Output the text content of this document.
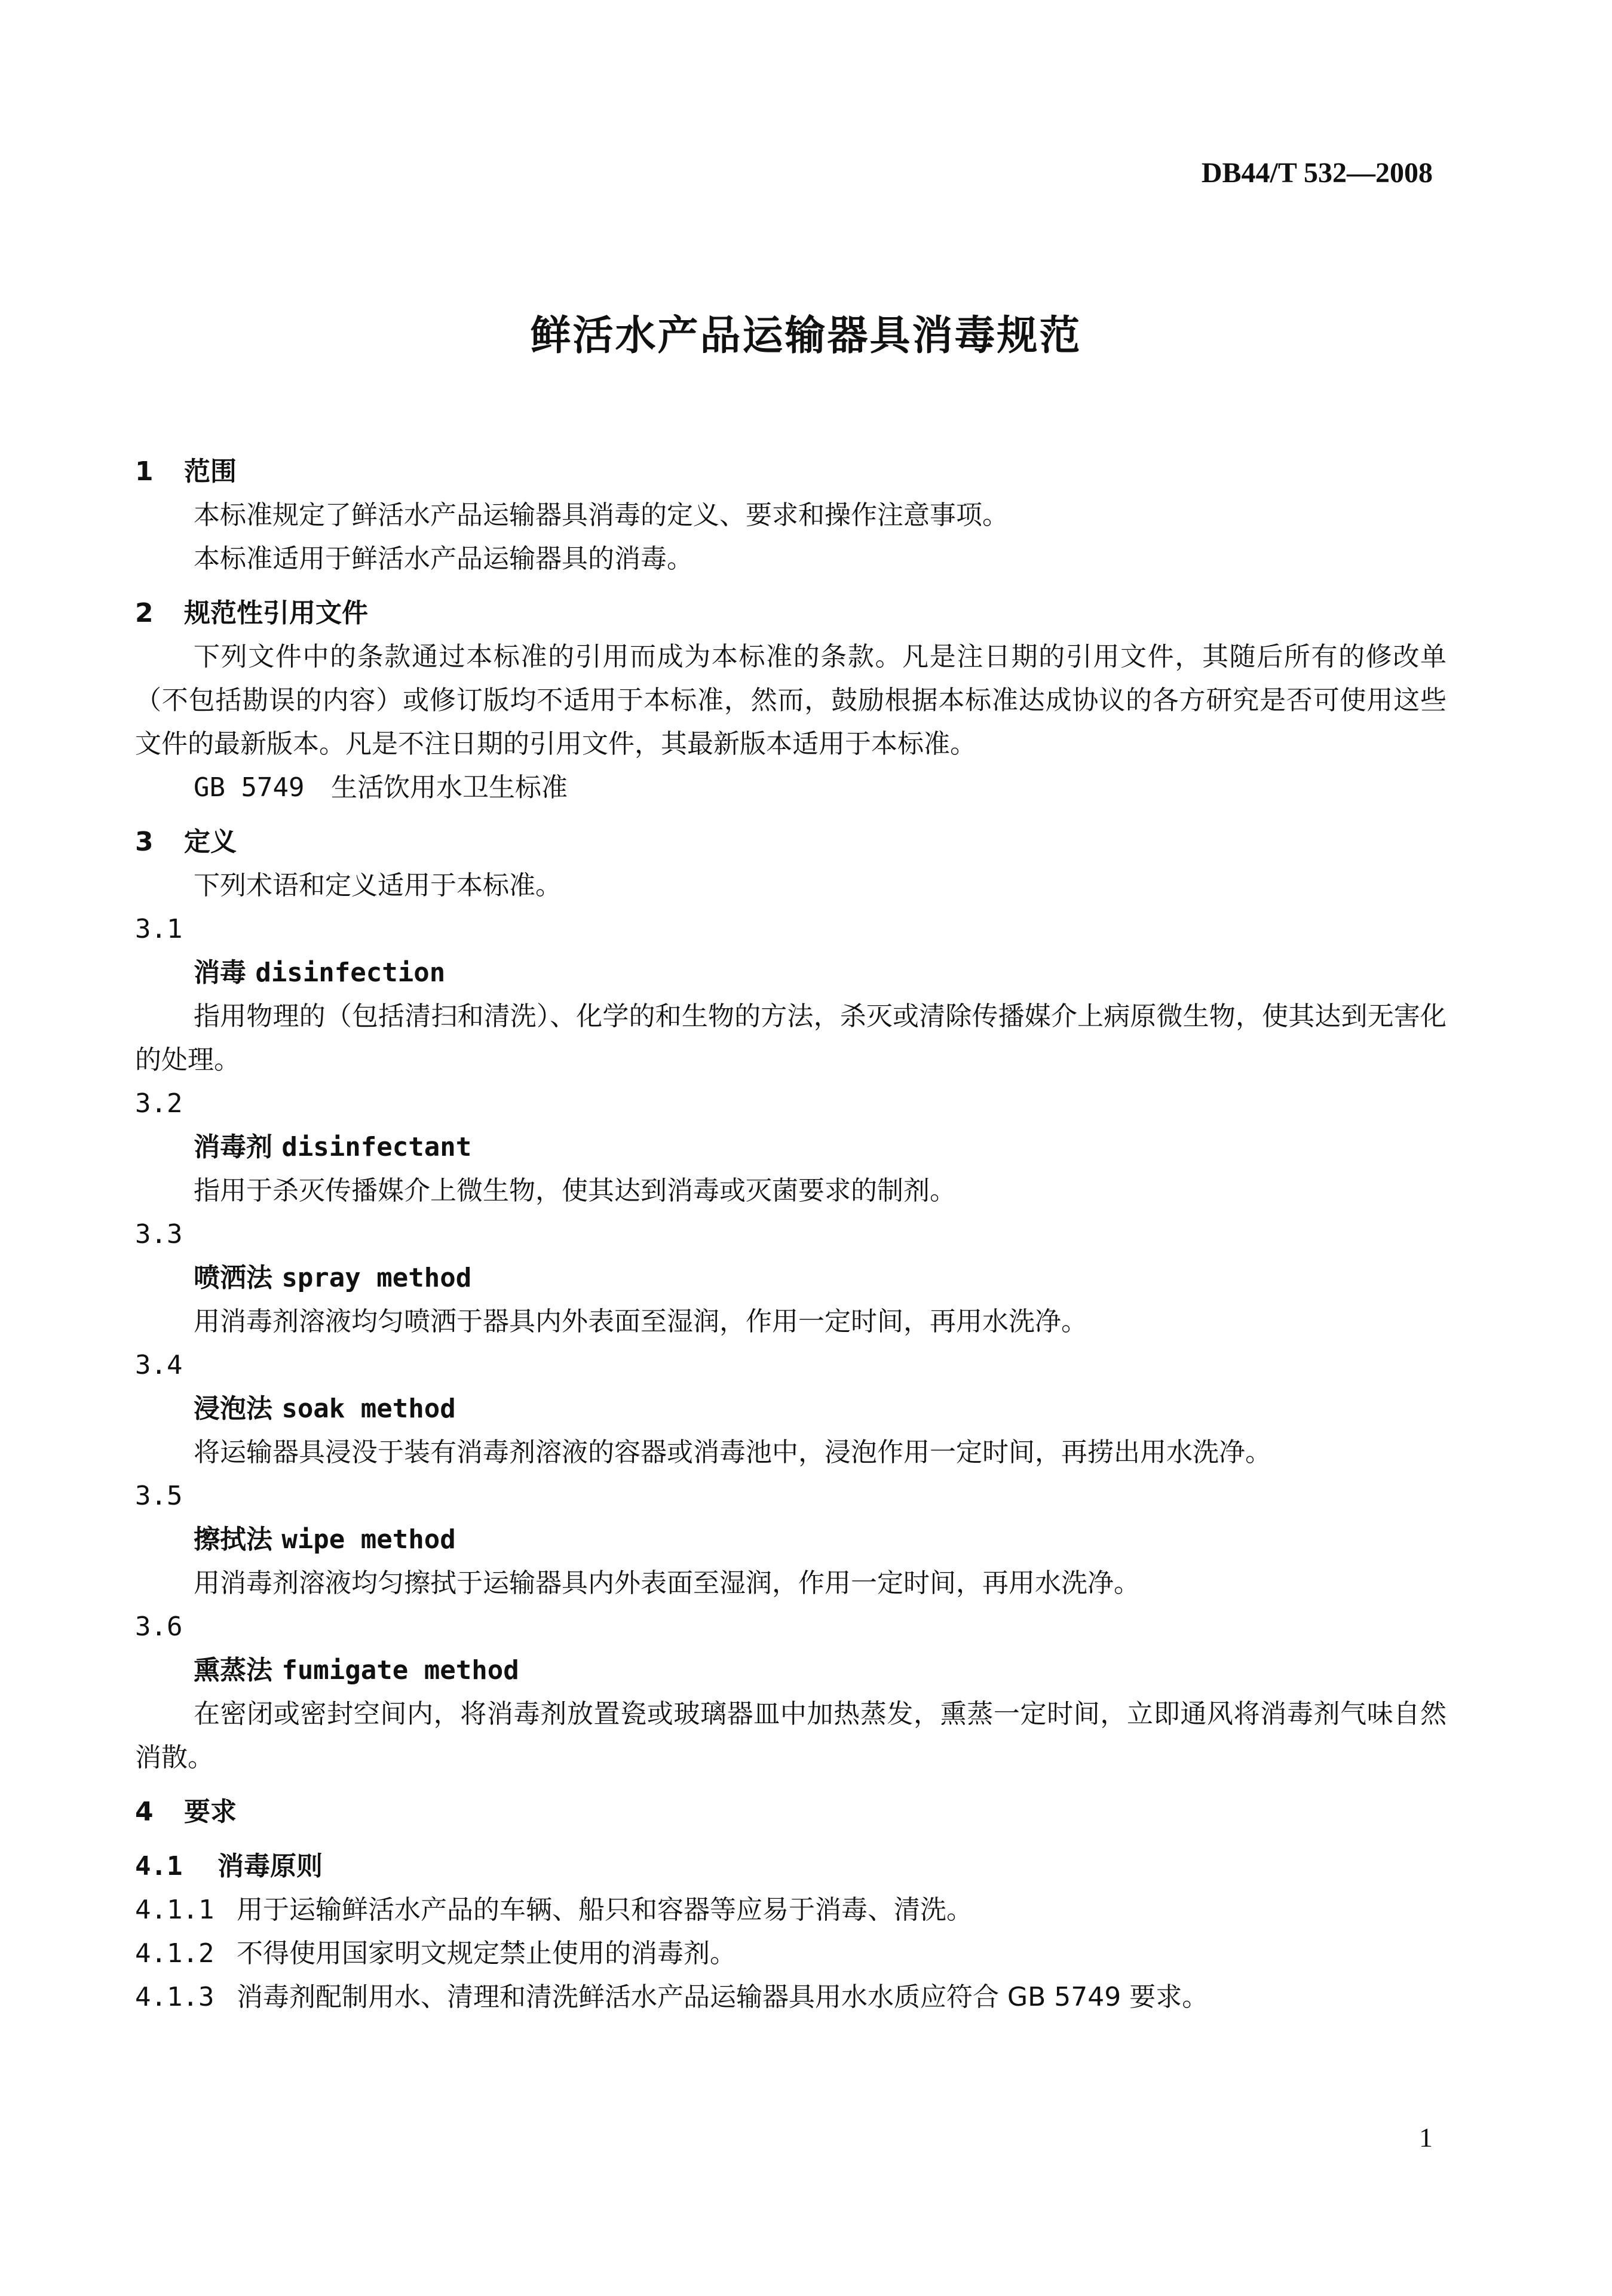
DB44/T 532—2008
鲜活水产品运输器具消毒规范
1 范围
本标准规定了鲜活水产品运输器具消毒的定义、要求和操作注意事项。
本标准适用于鲜活水产品运输器具的消毒。
2 规范性引用文件
下列文件中的条款通过本标准的引用而成为本标准的条款。凡是注日期的引用文件，其随后所有的修改单（不包括勘误的内容）或修订版均不适用于本标准，然而，鼓励根据本标准达成协议的各方研究是否可使用这些文件的最新版本。凡是不注日期的引用文件，其最新版本适用于本标准。
GB 5749 生活饮用水卫生标准
3 定义
下列术语和定义适用于本标准。
3.1
消毒 disinfection
指用物理的（包括清扫和清洗）、化学的和生物的方法，杀灭或清除传播媒介上病原微生物，使其达到无害化的处理。
3.2
消毒剂 disinfectant
指用于杀灭传播媒介上微生物，使其达到消毒或灭菌要求的制剂。
3.3
喷洒法 spray method
用消毒剂溶液均匀喷洒于器具内外表面至湿润，作用一定时间，再用水洗净。
3.4
浸泡法 soak method
将运输器具浸没于装有消毒剂溶液的容器或消毒池中，浸泡作用一定时间，再捞出用水洗净。
3.5
擦拭法 wipe method
用消毒剂溶液均匀擦拭于运输器具内外表面至湿润，作用一定时间，再用水洗净。
3.6
熏蒸法 fumigate method
在密闭或密封空间内，将消毒剂放置瓷或玻璃器皿中加热蒸发，熏蒸一定时间，立即通风将消毒剂气味自然消散。
4 要求
4.1 消毒原则
4.1.1 用于运输鲜活水产品的车辆、船只和容器等应易于消毒、清洗。
4.1.2 不得使用国家明文规定禁止使用的消毒剂。
4.1.3 消毒剂配制用水、清理和清洗鲜活水产品运输器具用水水质应符合 GB 5749 要求。
1
